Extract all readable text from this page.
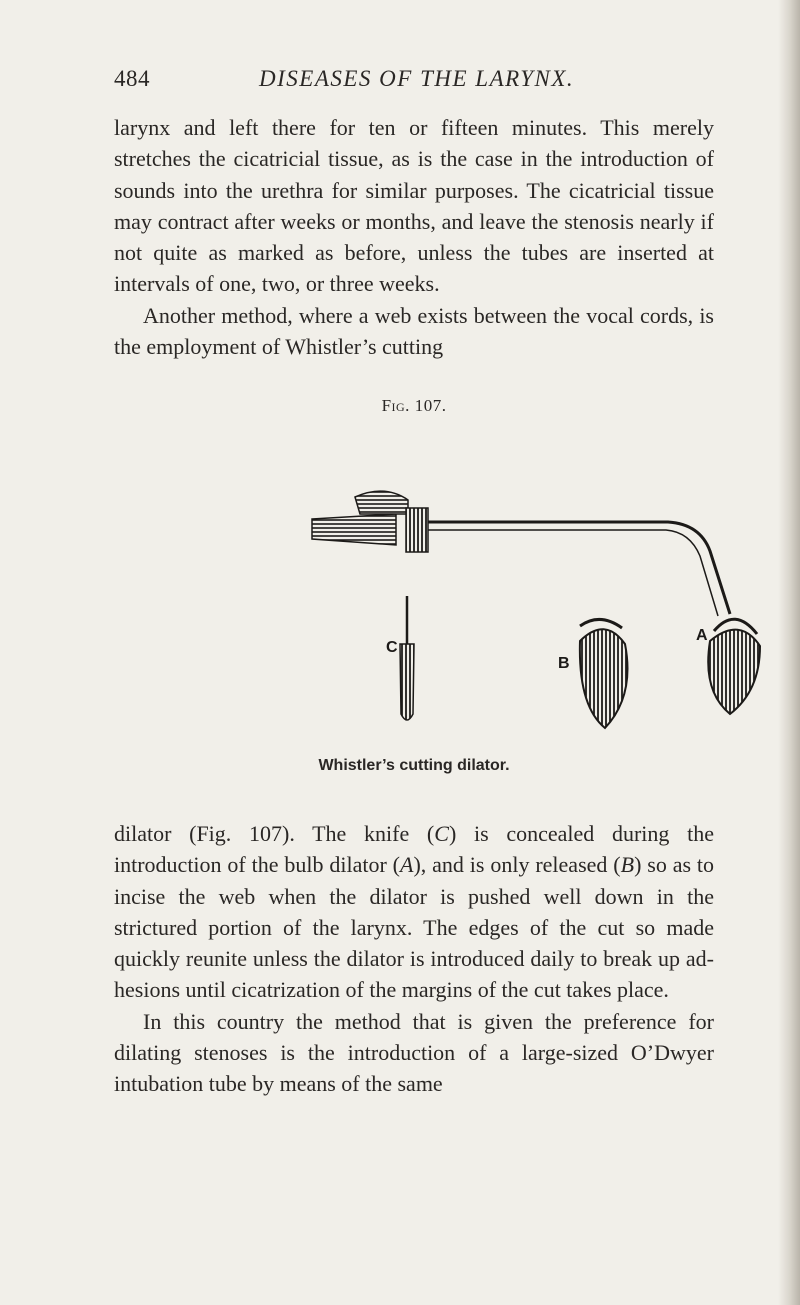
484	DISEASES OF THE LARYNX.

larynx and left there for ten or fifteen minutes. This merely stretches the cicatricial tissue, as is the case in the introduction of sounds into the urethra for similar purposes. The cicatricial tissue may contract after weeks or months, and leave the stenosis nearly if not quite as marked as before, unless the tubes are inserted at intervals of one, two, or three weeks.

Another method, where a web exists between the vocal cords, is the employment of Whistler’s cutting

Fig. 107.
C
B
A
Whistler’s cutting dilator.

dilator (Fig. 107). The knife (C) is concealed during the introduction of the bulb dilator (A), and is only released (B) so as to incise the web when the dilator is pushed well down in the strictured portion of the larynx. The edges of the cut so made quickly reunite unless the dilator is introduced daily to break up adhesions until cicatrization of the margins of the cut takes place.

In this country the method that is given the preference for dilating stenoses is the introduction of a large-sized O’Dwyer intubation tube by means of the same
